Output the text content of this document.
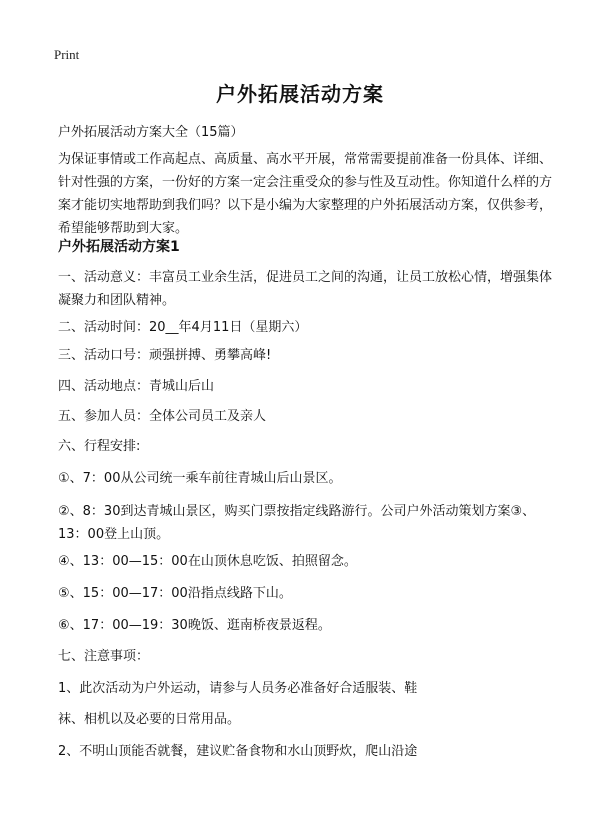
Print
户外拓展活动方案
户外拓展活动方案大全（15篇）
为保证事情或工作高起点、高质量、高水平开展，常常需要提前准备一份具体、详细、针对性强的方案，一份好的方案一定会注重受众的参与性及互动性。你知道什么样的方案才能切实地帮助到我们吗？以下是小编为大家整理的户外拓展活动方案，仅供参考，希望能够帮助到大家。
户外拓展活动方案1
一、活动意义：丰富员工业余生活，促进员工之间的沟通，让员工放松心情，增强集体凝聚力和团队精神。
二、活动时间：20__年4月11日（星期六）
三、活动口号：顽强拼搏、勇攀高峰!
四、活动地点：青城山后山
五、参加人员：全体公司员工及亲人
六、行程安排:
①、7：00从公司统一乘车前往青城山后山景区。
②、8：30到达青城山景区，购买门票按指定线路游行。公司户外活动策划方案③、13：00登上山顶。
④、13：00—15：00在山顶休息吃饭、拍照留念。
⑤、15：00—17：00沿指点线路下山。
⑥、17：00—19：30晚饭、逛南桥夜景返程。
七、注意事项：
1、此次活动为户外运动，请参与人员务必准备好合适服装、鞋
袜、相机以及必要的日常用品。
2、不明山顶能否就餐，建议贮备食物和水山顶野炊，爬山沿途
